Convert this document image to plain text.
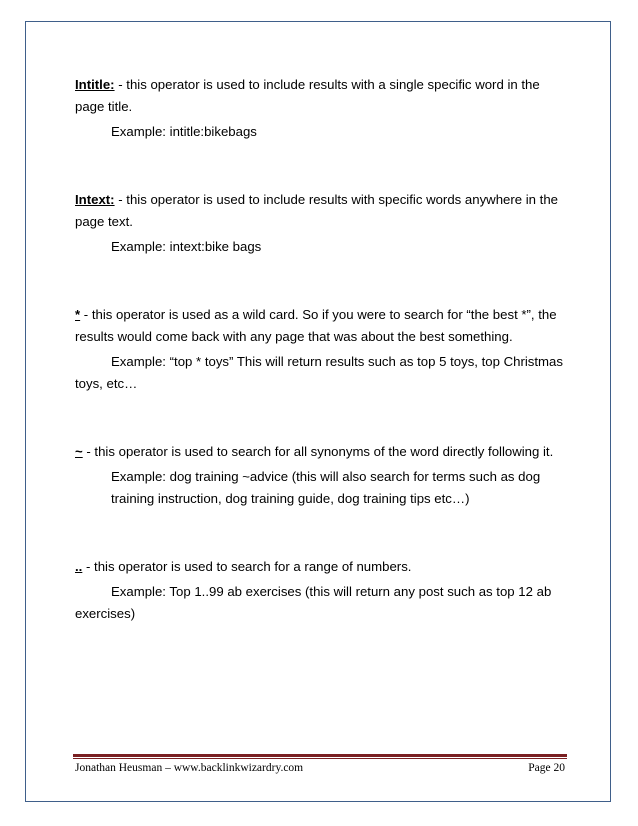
Intitle: - this operator is used to include results with a single specific word in the page title.

Example: intitle:bikebags

Intext: - this operator is used to include results with specific words anywhere in the page text.

Example: intext:bike bags

* - this operator is used as a wild card. So if you were to search for “the best *”, the results would come back with any page that was about the best something.

Example: “top * toys” This will return results such as top 5 toys, top Christmas toys, etc…

~ - this operator is used to search for all synonyms of the word directly following it.

Example: dog training ~advice (this will also search for terms such as dog training instruction, dog training guide, dog training tips etc…)

.. - this operator is used to search for a range of numbers.

Example: Top 1..99 ab exercises (this will return any post such as top 12 ab exercises)

Jonathan Heusman – www.backlinkwizardry.com	Page 20
